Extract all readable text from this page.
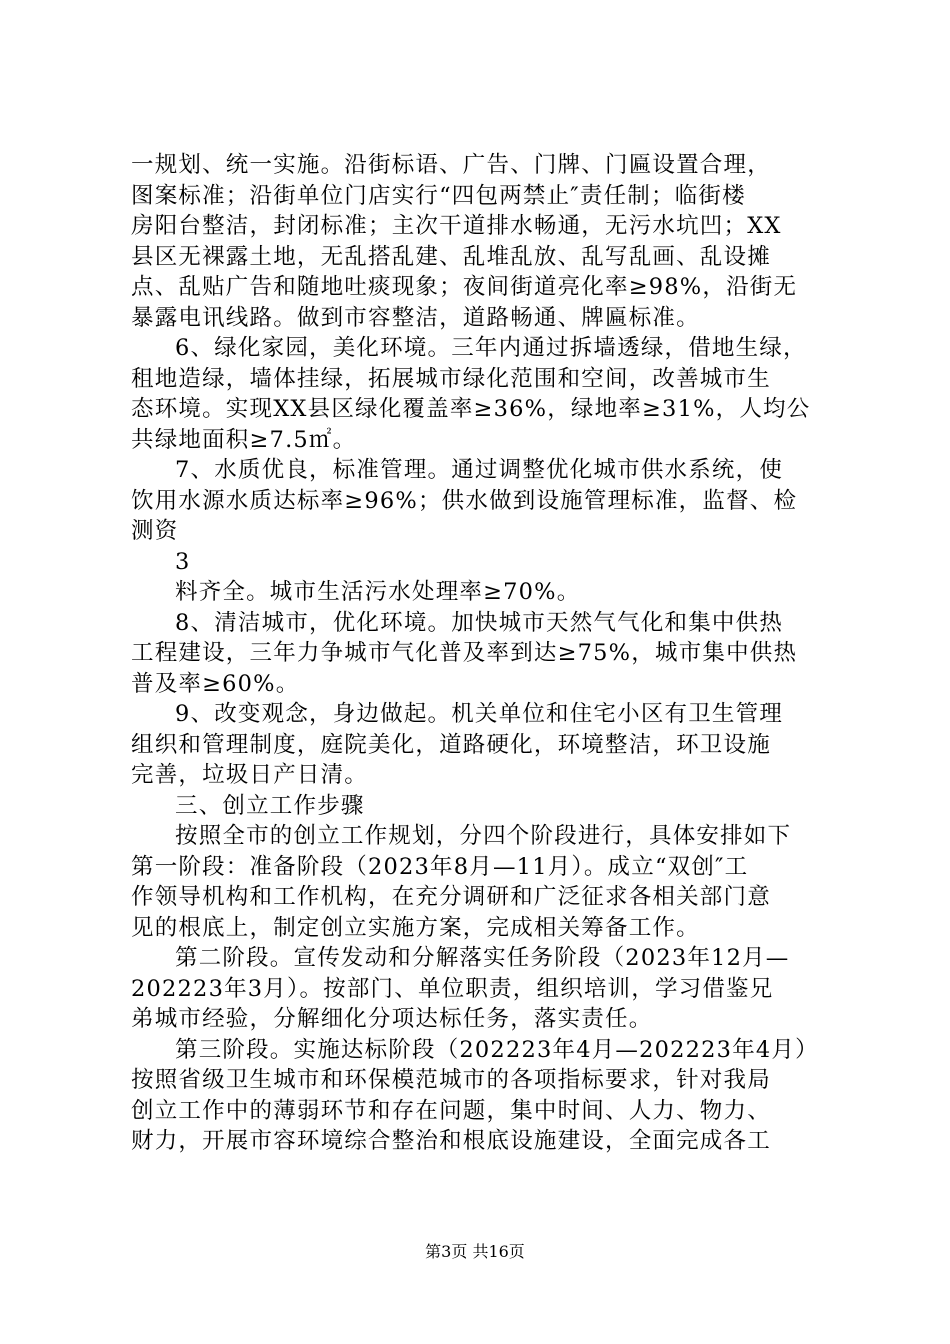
一规划、统一实施。沿街标语、广告、门牌、门匾设置合理，
图案标准；沿街单位门店实行“四包两禁止″责任制；临街楼
房阳台整洁，封闭标准；主次干道排水畅通，无污水坑凹；XX
县区无裸露土地，无乱搭乱建、乱堆乱放、乱写乱画、乱设摊
点、乱贴广告和随地吐痰现象；夜间街道亮化率≥98%，沿街无
暴露电讯线路。做到市容整洁，道路畅通、牌匾标准。
6、绿化家园，美化环境。三年内通过拆墙透绿，借地生绿，
租地造绿，墙体挂绿，拓展城市绿化范围和空间，改善城市生
态环境。实现XX县区绿化覆盖率≥36%，绿地率≥31%，人均公
共绿地面积≥7.5㎡。
7、水质优良，标准管理。通过调整优化城市供水系统，使
饮用水源水质达标率≥96%；供水做到设施管理标准，监督、检
测资
3
料齐全。城市生活污水处理率≥70%。
8、清洁城市，优化环境。加快城市天然气气化和集中供热
工程建设，三年力争城市气化普及率到达≥75%，城市集中供热
普及率≥60%。
9、改变观念，身边做起。机关单位和住宅小区有卫生管理
组织和管理制度，庭院美化，道路硬化，环境整洁，环卫设施
完善，垃圾日产日清。
三、创立工作步骤
按照全市的创立工作规划，分四个阶段进行，具体安排如下
第一阶段：准备阶段（2023年8月—11月）。成立“双创″工
作领导机构和工作机构，在充分调研和广泛征求各相关部门意
见的根底上，制定创立实施方案，完成相关筹备工作。
第二阶段。宣传发动和分解落实任务阶段（2023年12月—
202223年3月）。按部门、单位职责，组织培训，学习借鉴兄
弟城市经验，分解细化分项达标任务，落实责任。
第三阶段。实施达标阶段（202223年4月—202223年4月）
按照省级卫生城市和环保模范城市的各项指标要求，针对我局
创立工作中的薄弱环节和存在问题，集中时间、人力、物力、
财力，开展市容环境综合整治和根底设施建设，全面完成各工
第3页 共16页
